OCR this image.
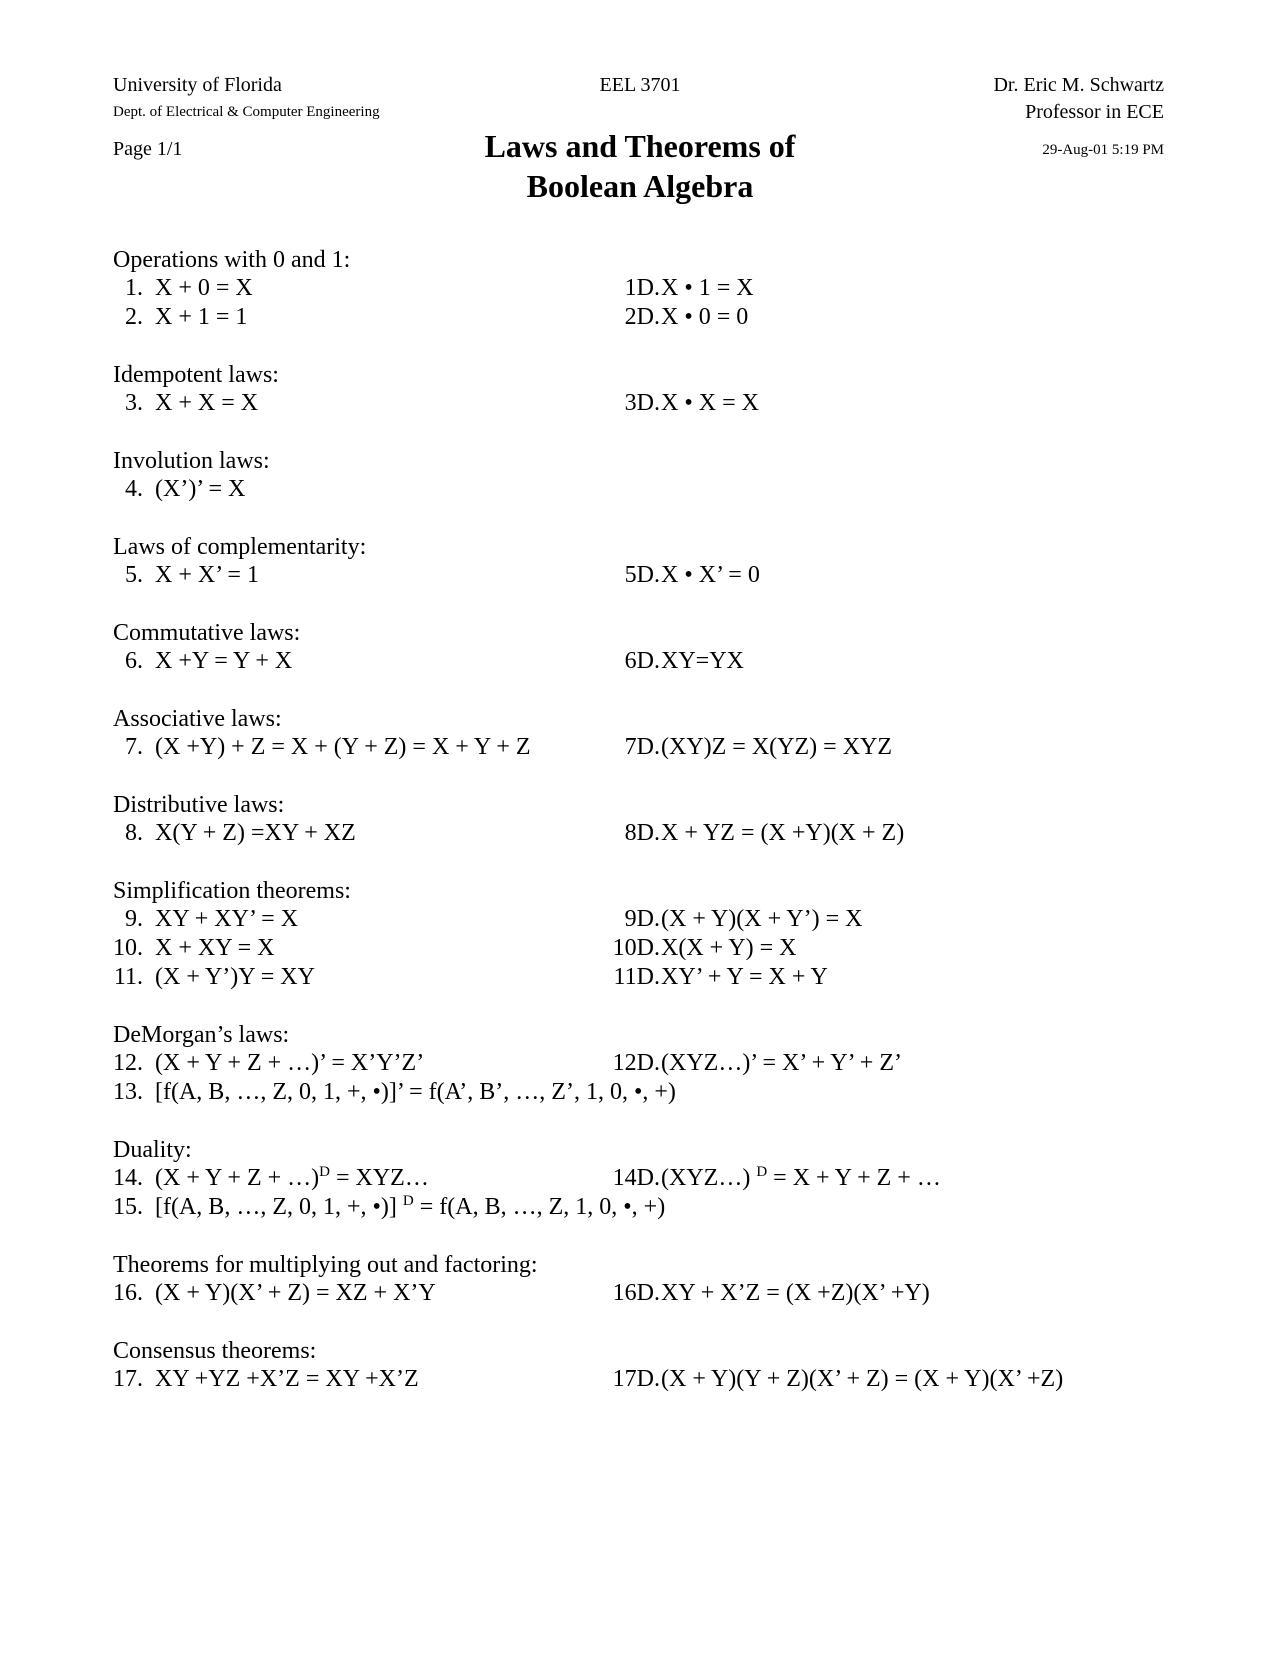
University of Florida
Dept. of Electrical & Computer Engineering
Page 1/1
EEL 3701	Dr. Eric M. Schwartz
Professor in ECE
29-Aug-01 5:19 PM
Laws and Theorems of
Boolean Algebra
Operations with 0 and 1:
1. X + 0 = X	1D. X • 1 = X
2. X + 1 = 1	2D. X • 0 = 0
Idempotent laws:
3. X + X = X	3D. X • X = X
Involution laws:
4. (X’)’ = X
Laws of complementarity:
5. X + X’ = 1	5D. X • X’ = 0
Commutative laws:
6. X +Y = Y + X	6D. XY=YX
Associative laws:
7. (X +Y) + Z = X + (Y + Z) = X + Y + Z	7D. (XY)Z = X(YZ) = XYZ
Distributive laws:
8. X(Y + Z) =XY + XZ	8D. X + YZ = (X +Y)(X + Z)
Simplification theorems:
9. XY + XY’ = X	9D. (X + Y)(X + Y’) = X
10. X + XY = X	10D. X(X + Y) = X
11. (X + Y’)Y = XY	11D. XY’ + Y = X + Y
DeMorgan’s laws:
12. (X + Y + Z + …)’ = X’Y’Z’	12D. (XYZ…)’ = X’ + Y’ + Z’
13. [f(A, B, …, Z, 0, 1, +, •)]’ = f(A’, B’, …, Z’, 1, 0, •, +)
Duality:
14. (X + Y + Z + …)$^D$ = XYZ…	14D. (XYZ…) $^D$ = X + Y + Z + …
15. [f(A, B, …, Z, 0, 1, +, •)] $^D$ = f(A, B, …, Z, 1, 0, •, +)
Theorems for multiplying out and factoring:
16. (X + Y)(X’ + Z) = XZ + X’Y	16D. XY + X’Z = (X +Z)(X’ +Y)
Consensus theorems:
17. XY +YZ +X’Z = XY +X’Z	17D. (X + Y)(Y + Z)(X’ + Z) = (X + Y)(X’ +Z)
